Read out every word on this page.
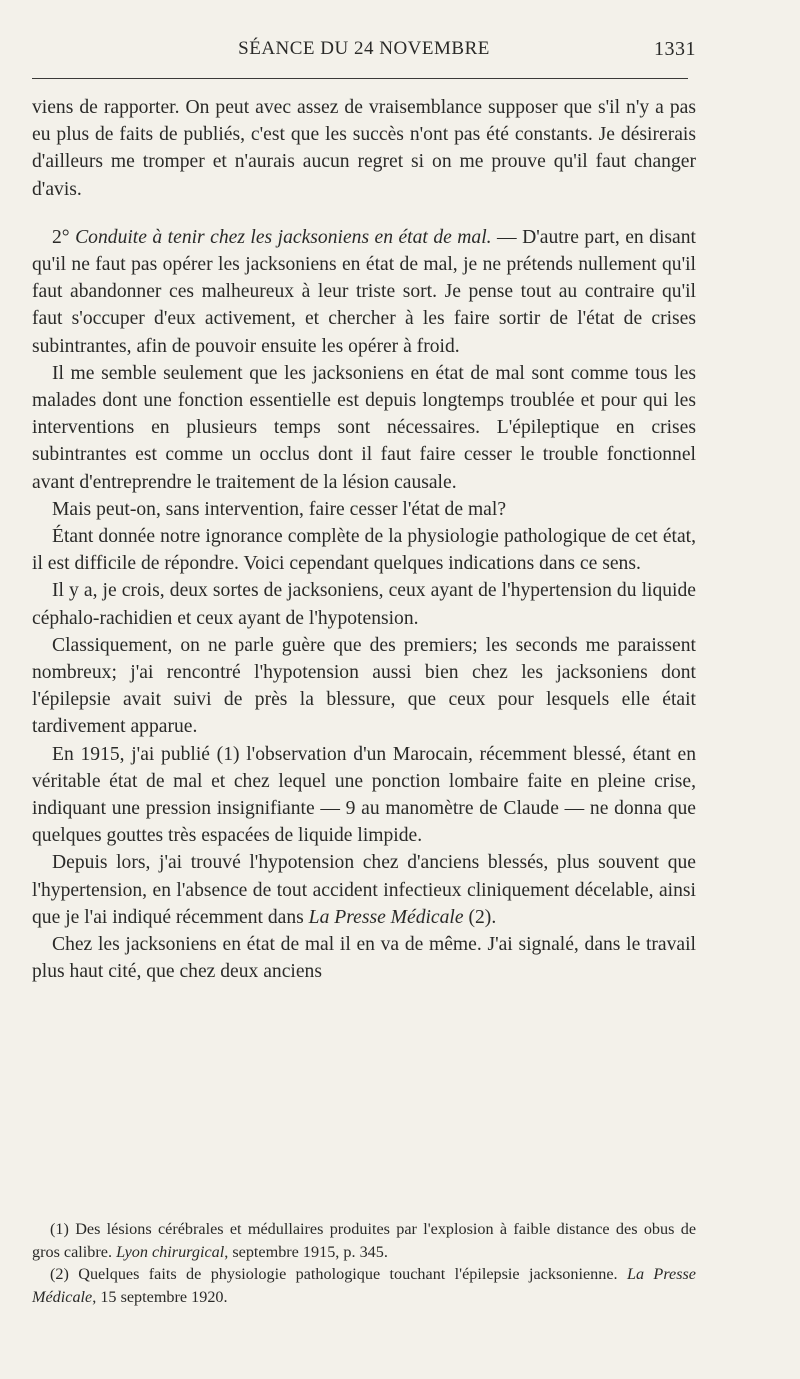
SÉANCE DU 24 NOVEMBRE	1331

viens de rapporter. On peut avec assez de vraisemblance supposer que s'il n'y a pas eu plus de faits de publiés, c'est que les succès n'ont pas été constants. Je désirerais d'ailleurs me tromper et n'aurais aucun regret si on me prouve qu'il faut changer d'avis.

2° Conduite à tenir chez les jacksoniens en état de mal. — D'autre part, en disant qu'il ne faut pas opérer les jacksoniens en état de mal, je ne prétends nullement qu'il faut abandonner ces malheureux à leur triste sort. Je pense tout au contraire qu'il faut s'occuper d'eux activement, et chercher à les faire sortir de l'état de crises subintrantes, afin de pouvoir ensuite les opérer à froid.

Il me semble seulement que les jacksoniens en état de mal sont comme tous les malades dont une fonction essentielle est depuis longtemps troublée et pour qui les interventions en plusieurs temps sont nécessaires. L'épileptique en crises subintrantes est comme un occlus dont il faut faire cesser le trouble fonctionnel avant d'entreprendre le traitement de la lésion causale.

Mais peut-on, sans intervention, faire cesser l'état de mal?

Étant donnée notre ignorance complète de la physiologie pathologique de cet état, il est difficile de répondre. Voici cependant quelques indications dans ce sens.

Il y a, je crois, deux sortes de jacksoniens, ceux ayant de l'hypertension du liquide céphalo-rachidien et ceux ayant de l'hypotension.

Classiquement, on ne parle guère que des premiers; les seconds me paraissent nombreux; j'ai rencontré l'hypotension aussi bien chez les jacksoniens dont l'épilepsie avait suivi de près la blessure, que ceux pour lesquels elle était tardivement apparue.

En 1915, j'ai publié (1) l'observation d'un Marocain, récemment blessé, étant en véritable état de mal et chez lequel une ponction lombaire faite en pleine crise, indiquant une pression insignifiante — 9 au manomètre de Claude — ne donna que quelques gouttes très espacées de liquide limpide.

Depuis lors, j'ai trouvé l'hypotension chez d'anciens blessés, plus souvent que l'hypertension, en l'absence de tout accident infectieux cliniquement décelable, ainsi que je l'ai indiqué récemment dans La Presse Médicale (2).

Chez les jacksoniens en état de mal il en va de même. J'ai signalé, dans le travail plus haut cité, que chez deux anciens

(1) Des lésions cérébrales et médullaires produites par l'explosion à faible distance des obus de gros calibre. Lyon chirurgical, septembre 1915, p. 345.

(2) Quelques faits de physiologie pathologique touchant l'épilepsie jacksonienne. La Presse Médicale, 15 septembre 1920.
